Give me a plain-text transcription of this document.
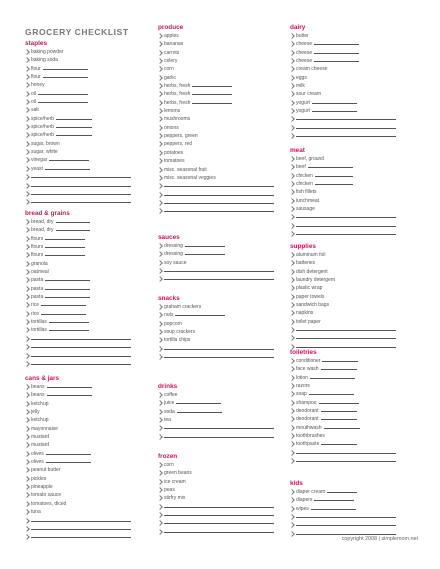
GROCERY CHECKLIST
staples
baking powder
baking soda
flour
flour
honey
oil
oil
salt
spice/herb
spice/herb
spice/herb
sugar, brown
sugar, white
vinegar
yeast
bread & grains
bread, dry
bread, dry
flours
flours
flours
granola
oatmeal
pasta
pasta
pasta
rice
rice
tortillas
tortillas
cans & jars
beans
beans
ketchup
jelly
ketchup
mayonnaise
mustard
mustard
olives
olives
peanut butter
pickles
pineapple
tomato sauce
tomatoes, diced
tuna
produce
apples
bananas
carrots
celery
corn
garlic
herbs, fresh
herbs, fresh
herbs, fresh
lemons
mushrooms
onions
peppers, green
peppers, red
potatoes
tomatoes
misc. seasonal fruit
misc. seasonal veggies
sauces
dressing
dressing
soy sauce
snacks
graham crackers
nuts
popcorn
soup crackers
tortilla chips
drinks
coffee
juice
soda
tea
frozen
corn
green beans
ice cream
peas
stirfry mix
dairy
butter
cheese
cheese
cheese
cream cheese
eggs
milk
sour cream
yogurt
yogurt
meat
beef, ground
beef
chicken
chicken
fish fillets
lunchmeat
sausage
supplies
aluminum foil
batteries
dish detergent
laundry detergent
plastic wrap
paper towels
sandwich bags
napkins
toilet paper
toiletries
conditioner
face wash
lotion
razors
soap
shampoo
deodorant
deodorant
mouthwash
toothbrushes
toothpaste
kids
diaper cream
diapers
wipes
copyright 2008 | simplemom.net
